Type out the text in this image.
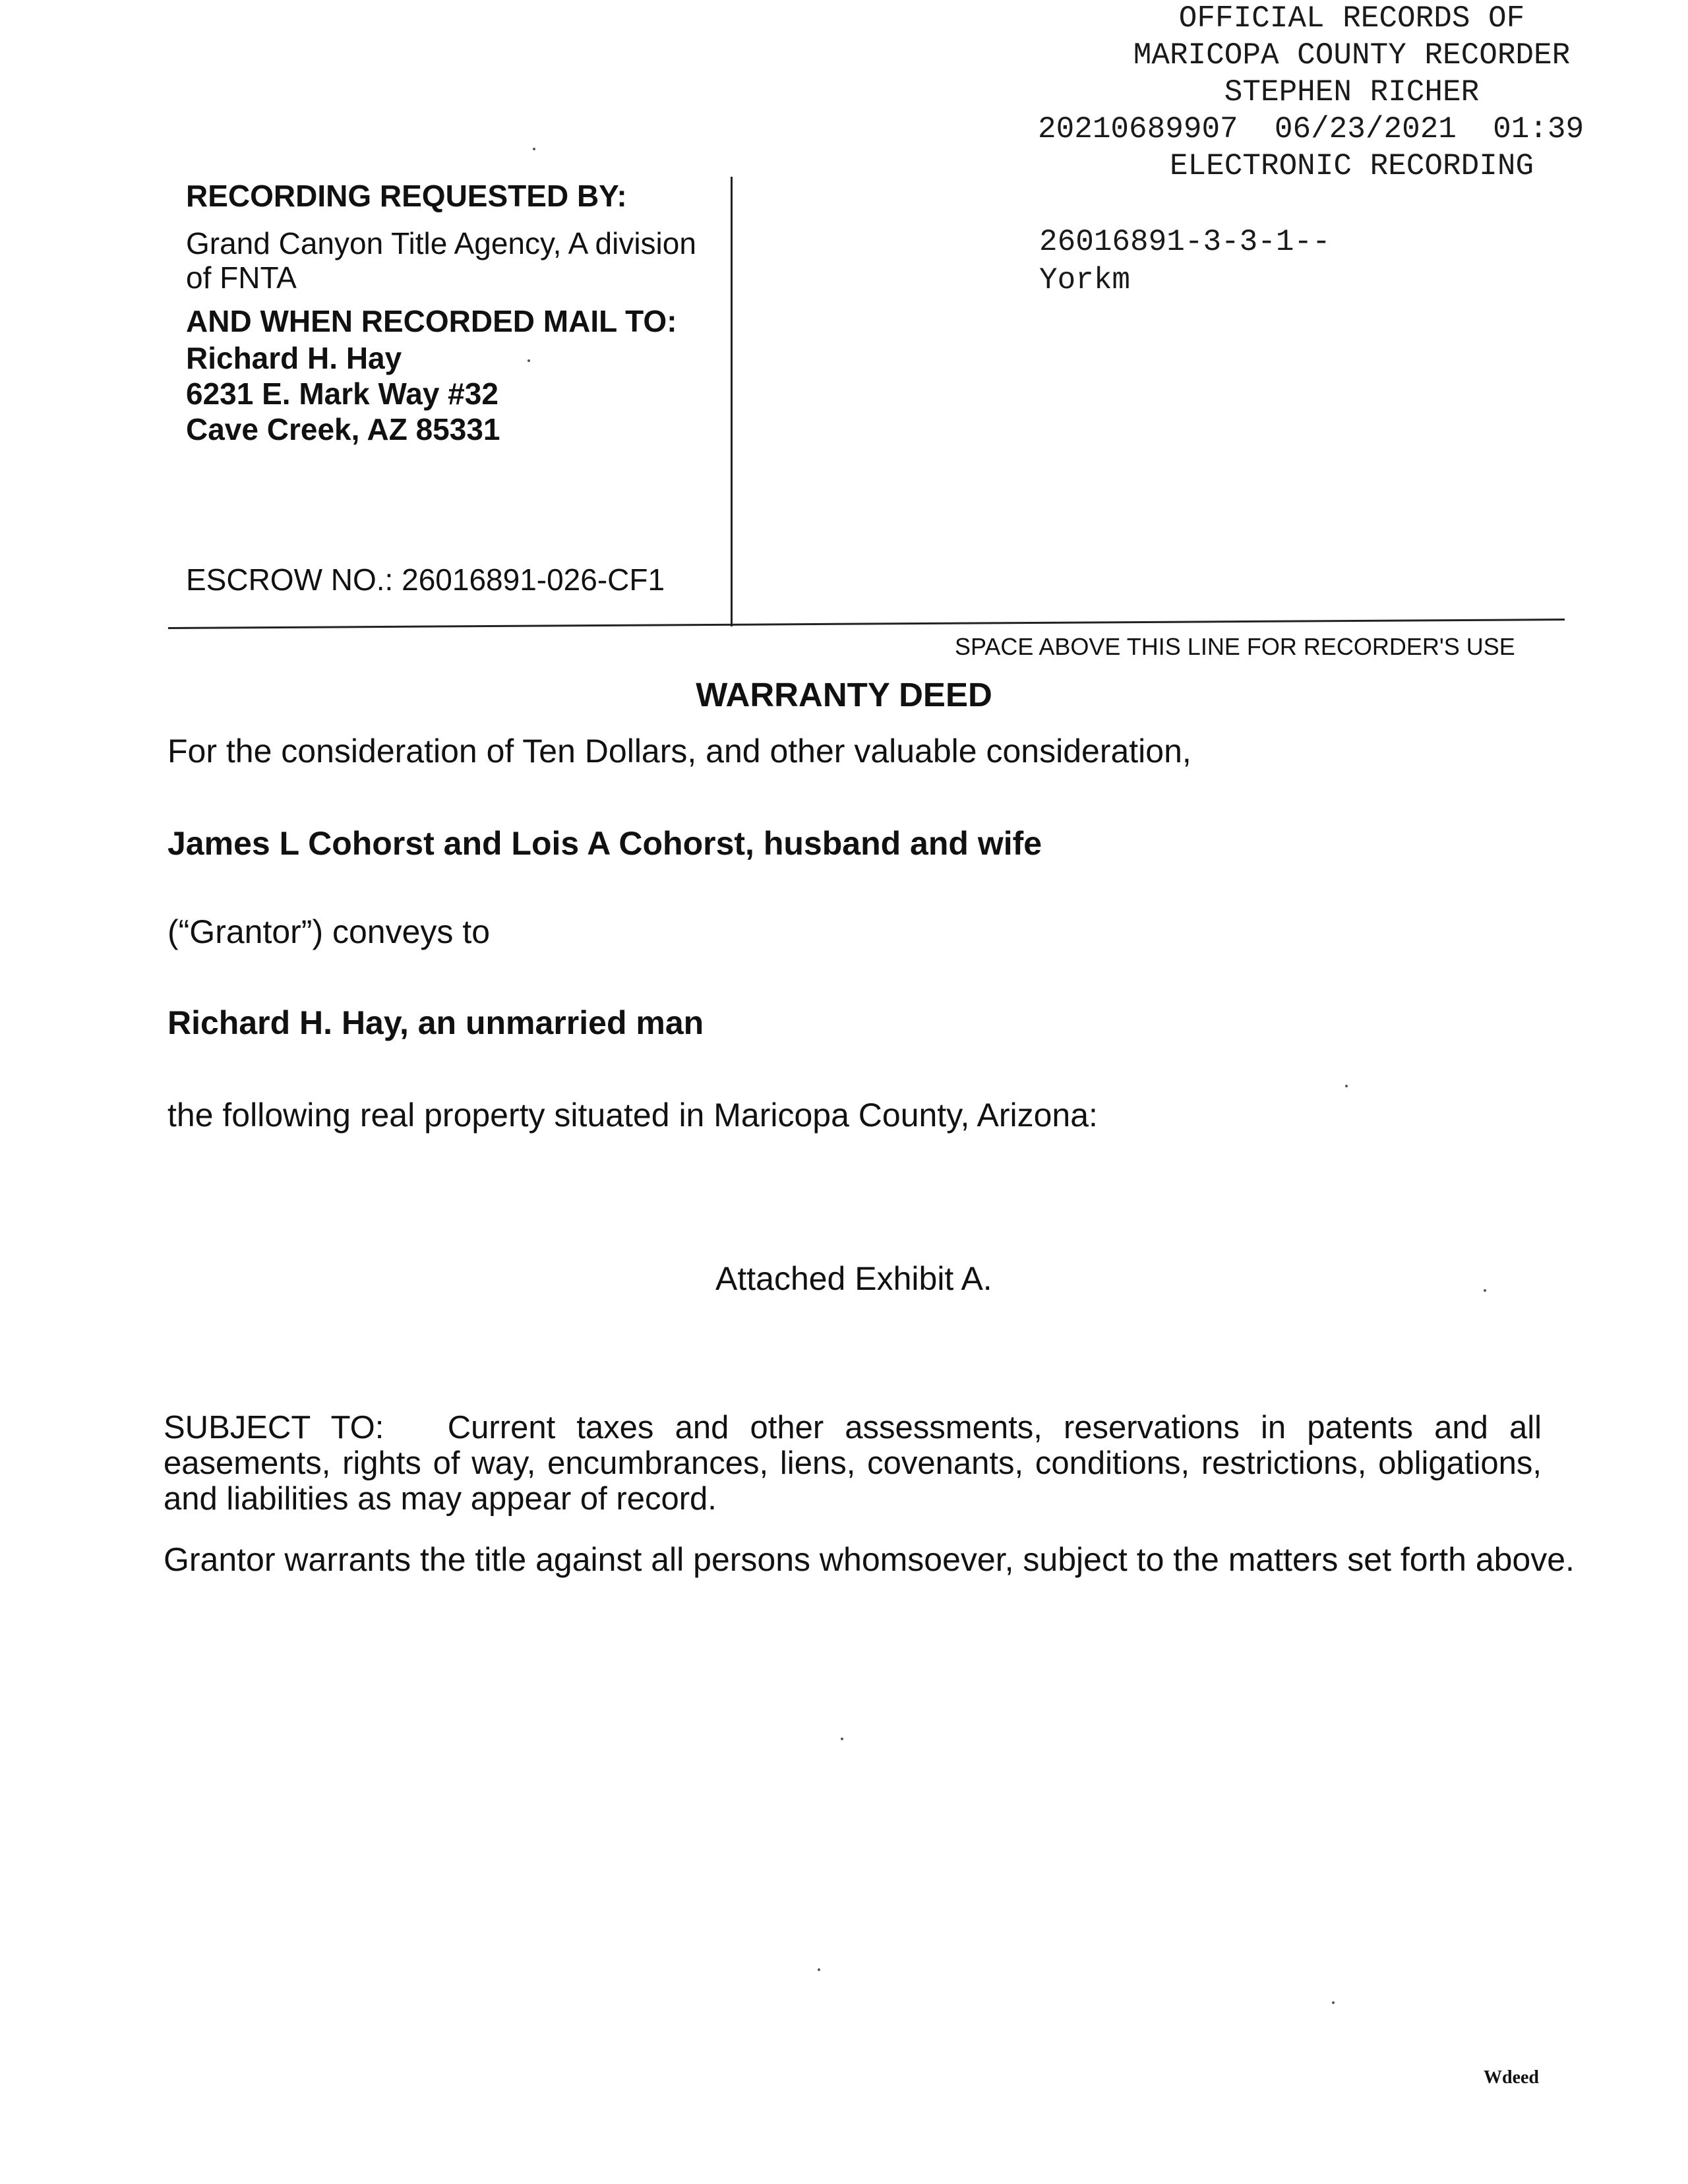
OFFICIAL RECORDS OF
MARICOPA COUNTY RECORDER
STEPHEN RICHER
20210689907  06/23/2021  01:39
ELECTRONIC RECORDING
26016891-3-3-1--
Yorkm
RECORDING REQUESTED BY:
Grand Canyon Title Agency, A division
of FNTA
AND WHEN RECORDED MAIL TO:
Richard H. Hay
6231 E. Mark Way #32
Cave Creek, AZ 85331
ESCROW NO.: 26016891-026-CF1
SPACE ABOVE THIS LINE FOR RECORDER'S USE
WARRANTY DEED
For the consideration of Ten Dollars, and other valuable consideration,
James L Cohorst and Lois A Cohorst, husband and wife
(“Grantor”) conveys to
Richard H. Hay, an unmarried man
the following real property situated in Maricopa County, Arizona:
Attached Exhibit A.
SUBJECT TO: Current taxes and other assessments, reservations in patents and all easements, rights of way, encumbrances, liens, covenants, conditions, restrictions, obligations, and liabilities as may appear of record.
Grantor warrants the title against all persons whomsoever, subject to the matters set forth above.
Wdeed
